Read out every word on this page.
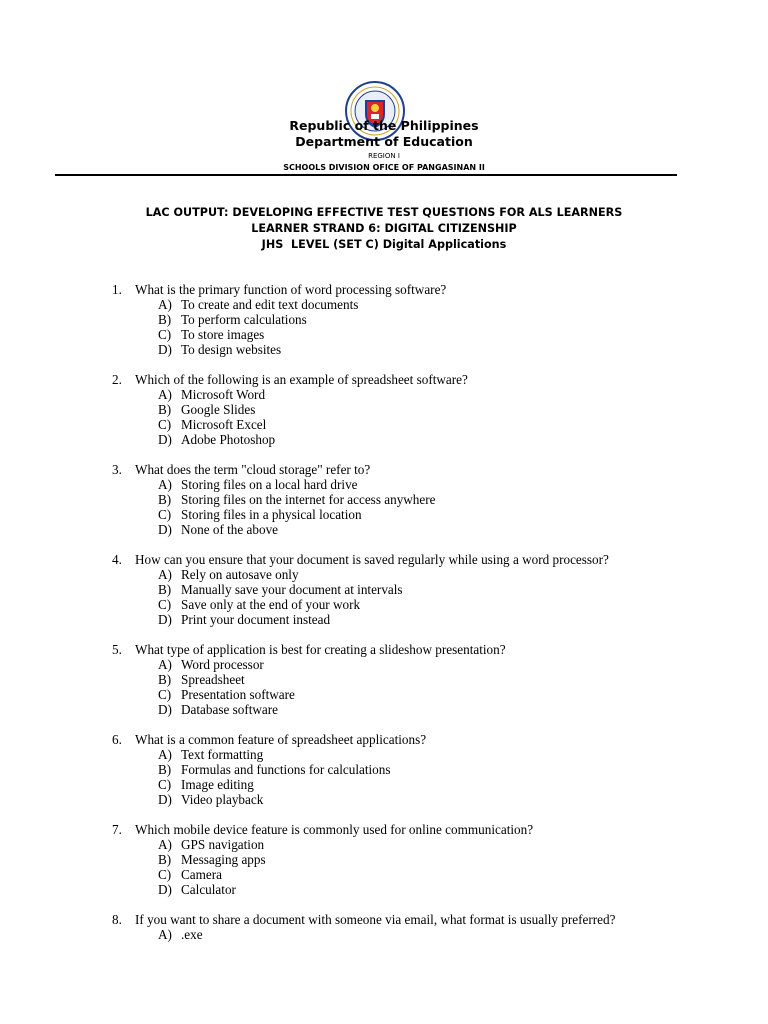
Republic of the Philippines
Department of Education
REGION I
SCHOOLS DIVISION OFICE OF PANGASINAN II
LAC OUTPUT: DEVELOPING EFFECTIVE TEST QUESTIONS FOR ALS LEARNERS
LEARNER STRAND 6: DIGITAL CITIZENSHIP
JHS  LEVEL (SET C) Digital Applications
1. What is the primary function of word processing software?
A) To create and edit text documents
B) To perform calculations
C) To store images
D) To design websites
2. Which of the following is an example of spreadsheet software?
A) Microsoft Word
B) Google Slides
C) Microsoft Excel
D) Adobe Photoshop
3. What does the term "cloud storage" refer to?
A) Storing files on a local hard drive
B) Storing files on the internet for access anywhere
C) Storing files in a physical location
D) None of the above
4. How can you ensure that your document is saved regularly while using a word processor?
A) Rely on autosave only
B) Manually save your document at intervals
C) Save only at the end of your work
D) Print your document instead
5. What type of application is best for creating a slideshow presentation?
A) Word processor
B) Spreadsheet
C) Presentation software
D) Database software
6. What is a common feature of spreadsheet applications?
A) Text formatting
B) Formulas and functions for calculations
C) Image editing
D) Video playback
7. Which mobile device feature is commonly used for online communication?
A) GPS navigation
B) Messaging apps
C) Camera
D) Calculator
8. If you want to share a document with someone via email, what format is usually preferred?
A) .exe
